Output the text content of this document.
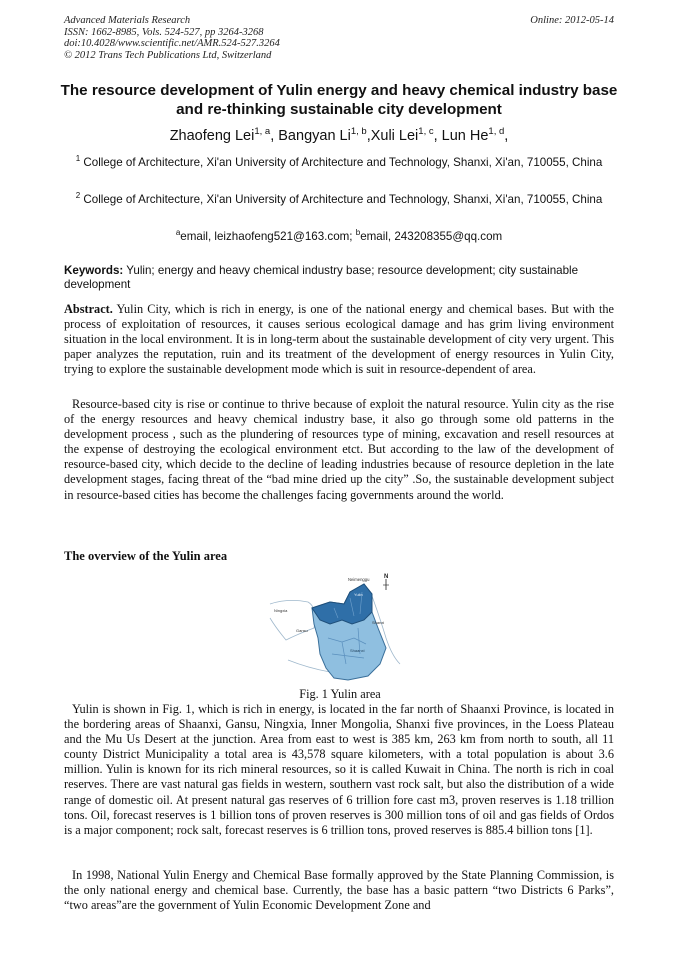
Advanced Materials Research
ISSN: 1662-8985, Vols. 524-527, pp 3264-3268
doi:10.4028/www.scientific.net/AMR.524-527.3264
© 2012 Trans Tech Publications Ltd, Switzerland
Online: 2012-05-14
The resource development of Yulin energy and heavy chemical industry base and re-thinking sustainable city development
Zhaofeng Lei$^{1, a}$, Bangyan Li$^{1, b}$,Xuli Lei$^{1, c}$, Lun He$^{1, d}$,
$^1$ College of Architecture, Xi'an University of Architecture and Technology, Shanxi, Xi'an, 710055, China
$^2$ College of Architecture, Xi'an University of Architecture and Technology, Shanxi, Xi'an, 710055, China
$^a$email, leizhaofeng521@163.com; $^b$email, 243208355@qq.com
Keywords: Yulin; energy and heavy chemical industry base; resource development; city sustainable development
Abstract. Yulin City, which is rich in energy, is one of the national energy and chemical bases. But with the process of exploitation of resources, it causes serious ecological damage and has grim living environment situation in the local environment. It is in long-term about the sustainable development of city very urgent. This paper analyzes the reputation, ruin and its treatment of the development of energy resources in Yulin City, trying to explore the sustainable development mode which is suit in resource-dependent of area.
Resource-based city is rise or continue to thrive because of exploit the natural resource. Yulin city as the rise of the energy resources and heavy chemical industry base, it also go through some old patterns in the development process , such as the plundering of resources type of mining, excavation and resell resources at the expense of destroying the ecological environment etct. But according to the law of the development of resource-based city, which decide to the decline of leading industries because of resource depletion in the late development stages, facing threat of the “bad mine dried up the city” .So, the sustainable development subject in resource-based cities has become the challenges facing governments around the world.
The overview of the Yulin area
N
Neimenggu
Yulin
Ningxia
Gansu
Shanxi
Shaanxi
Fig. 1 Yulin area
Yulin is shown in Fig. 1, which is rich in energy, is located in the far north of Shaanxi Province, is located in the bordering areas of Shaanxi, Gansu, Ningxia, Inner Mongolia, Shanxi five provinces, in the Loess Plateau and the Mu Us Desert at the junction. Area from east to west is 385 km, 263 km from north to south, all 11 county District Municipality a total area is 43,578 square kilometers, with a total population is about 3.6 million. Yulin is known for its rich mineral resources, so it is called Kuwait in China. The north is rich in coal reserves. There are vast natural gas fields in western, southern vast rock salt, but also the distribution of a wide range of domestic oil. At present natural gas reserves of 6 trillion fore cast m3, proven reserves is 1.18 trillion tons. Oil, forecast reserves is 1 billion tons of proven reserves is 300 million tons of oil and gas fields of Ordos is a major component; rock salt, forecast reserves is 6 trillion tons, proved reserves is 885.4 billion tons [1].
In 1998, National Yulin Energy and Chemical Base formally approved by the State Planning Commission, is the only national energy and chemical base. Currently, the base has a basic pattern “two Districts 6 Parks”, “two areas”are the government of Yulin Economic Development Zone and
